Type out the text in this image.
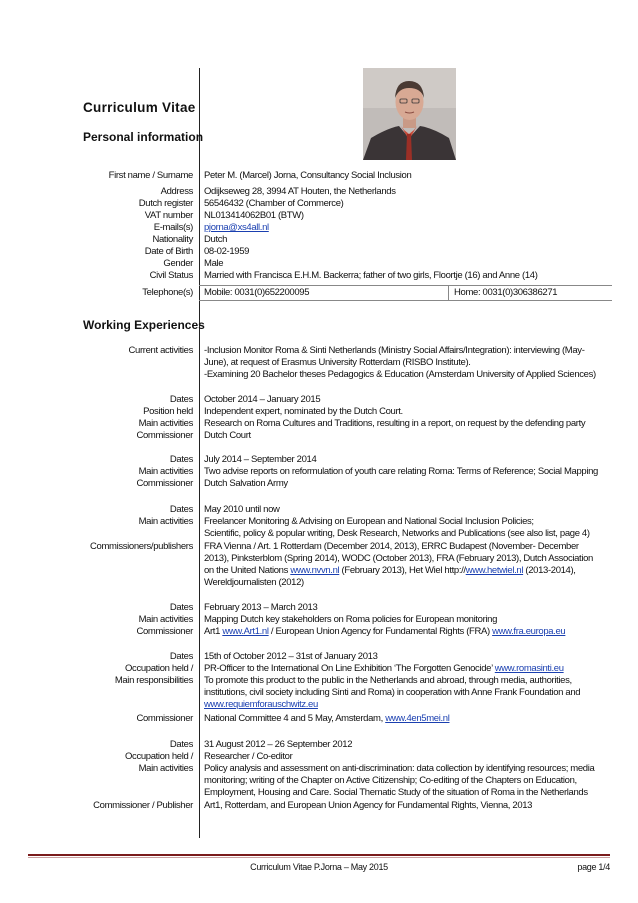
Curriculum Vitae
Personal information
First name / Surname Peter M. (Marcel) Jorna, Consultancy Social Inclusion
Address Odijkseweg 28, 3994 AT Houten, the Netherlands
Dutch register 56546432 (Chamber of Commerce)
VAT number NL013414062B01 (BTW)
E-mails(s) pjorna@xs4all.nl
Nationality Dutch
Date of Birth 08-02-1959
Gender Male
Civil Status Married with Francisca E.H.M. Backerra; father of two girls, Floortje (16) and Anne (14)
Telephone(s) Mobile: 0031(0)652200095	Home: 0031(0)306386271
Working Experiences
Current activities -Inclusion Monitor Roma & Sinti Netherlands (Ministry Social Affairs/Integration): interviewing (May-
June), at request of Erasmus University Rotterdam (RISBO Institute).
-Examining 20 Bachelor theses Pedagogics & Education (Amsterdam University of Applied Sciences)
Dates October 2014 – January 2015
Position held Independent expert, nominated by the Dutch Court.
Main activities Research on Roma Cultures and Traditions, resulting in a report, on request by the defending party
Commissioner Dutch Court
Dates July 2014 – September 2014
Main activities Two advise reports on reformulation of youth care relating Roma: Terms of Reference; Social Mapping
Commissioner Dutch Salvation Army
Dates May 2010 until now
Main activities Freelancer Monitoring & Advising on European and National Social Inclusion Policies;
Scientific, policy & popular writing, Desk Research, Networks and Publications (see also list, page 4)
Commissioners/publishers FRA Vienna / Art. 1 Rotterdam (December 2014, 2013), ERRC Budapest (November- December
2013), Pinksterblom (Spring 2014), WODC (October 2013), FRA (February 2013), Dutch Association
on the United Nations www.nvvn.nl (February 2013), Het Wiel http://www.hetwiel.nl (2013-2014),
Wereldjournalisten (2012)
Dates February 2013 – March 2013
Main activities Mapping Dutch key stakeholders on Roma policies for European monitoring
Commissioner Art1 www.Art1.nl / European Union Agency for Fundamental Rights (FRA) www.fra.europa.eu
Dates 15th of October 2012 – 31st of January 2013
Occupation held / PR-Officer to the International On Line Exhibition ‘The Forgotten Genocide’ www.romasinti.eu
Main responsibilities To promote this product to the public in the Netherlands and abroad, through media, authorities,
institutions, civil society including Sinti and Roma) in cooperation with Anne Frank Foundation and
www.requiemforauschwitz.eu
Commissioner National Committee 4 and 5 May, Amsterdam, www.4en5mei.nl
Dates 31 August 2012 – 26 September 2012
Occupation held / Researcher / Co-editor
Main activities Policy analysis and assessment on anti-discrimination: data collection by identifying resources; media
monitoring; writing of the Chapter on Active Citizenship; Co-editing of the Chapters on Education,
Employment, Housing and Care. Social Thematic Study of the situation of Roma in the Netherlands
Commissioner / Publisher Art1, Rotterdam, and European Union Agency for Fundamental Rights, Vienna, 2013
Curriculum Vitae P.Jorna – May 2015	page 1/4
